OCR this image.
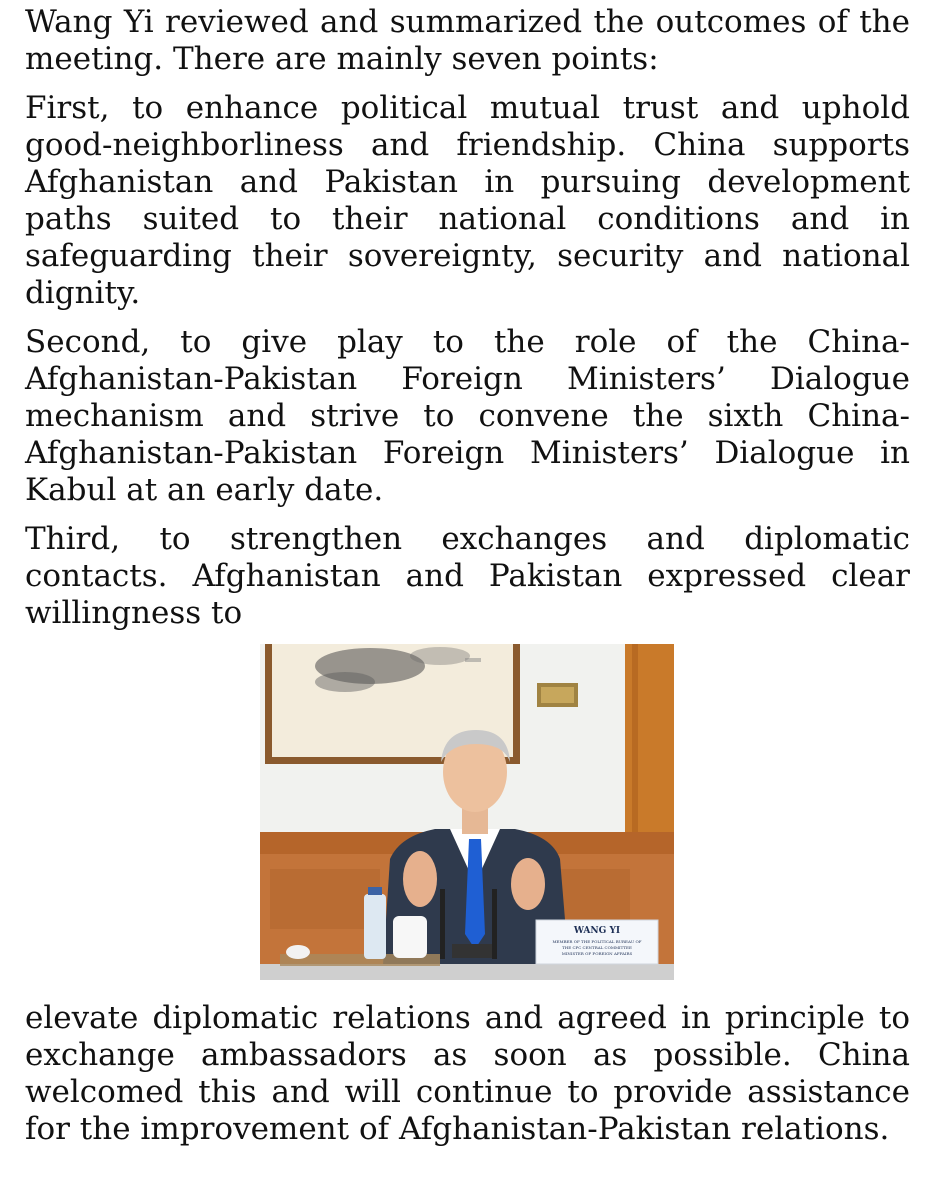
Wang Yi reviewed and summarized the outcomes of the meeting. There are mainly seven points:

First, to enhance political mutual trust and uphold good-neighborliness and friendship. China supports Afghanistan and Pakistan in pursuing development paths suited to their national conditions and in safeguarding their sovereignty, security and national dignity.

Second, to give play to the role of the China-Afghanistan-Pakistan Foreign Ministers’ Dialogue mechanism and strive to convene the sixth China-Afghanistan-Pakistan Foreign Ministers’ Dialogue in Kabul at an early date.

Third, to strengthen exchanges and diplomatic contacts. Afghanistan and Pakistan expressed clear willingness to

WANG YI
MEMBER OF THE POLITICAL BUREAU OF
THE CPC CENTRAL COMMITTEE
MINISTER OF FOREIGN AFFAIRS

elevate diplomatic relations and agreed in principle to exchange ambassadors as soon as possible. China welcomed this and will continue to provide assistance for the improvement of Afghanistan-Pakistan relations.
